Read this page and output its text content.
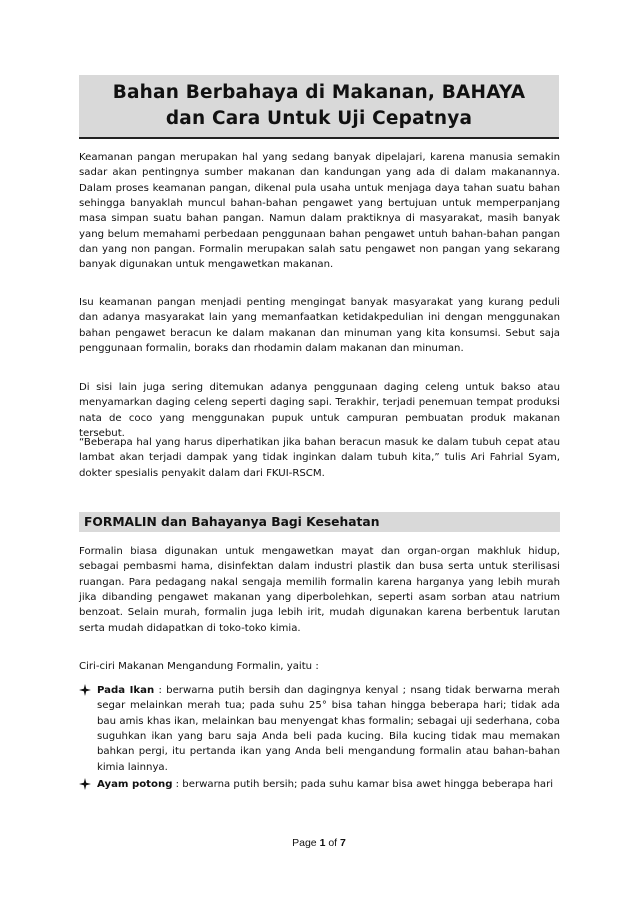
Bahan Berbahaya di Makanan, BAHAYA
dan Cara Untuk Uji Cepatnya

Keamanan pangan merupakan hal yang sedang banyak dipelajari, karena manusia semakin sadar akan pentingnya sumber makanan dan kandungan yang ada di dalam makanannya. Dalam proses keamanan pangan, dikenal pula usaha untuk menjaga daya tahan suatu bahan sehingga banyaklah muncul bahan-bahan pengawet yang bertujuan untuk memperpanjang masa simpan suatu bahan pangan. Namun dalam praktiknya di masyarakat, masih banyak yang belum memahami perbedaan penggunaan bahan pengawet untuh bahan-bahan pangan dan yang non pangan. Formalin merupakan salah satu pengawet non pangan yang sekarang banyak digunakan untuk mengawetkan makanan.

Isu keamanan pangan menjadi penting mengingat banyak masyarakat yang kurang peduli dan adanya masyarakat lain yang memanfaatkan ketidakpedulian ini dengan menggunakan bahan pengawet beracun ke dalam makanan dan minuman yang kita konsumsi. Sebut saja penggunaan formalin, boraks dan rhodamin dalam makanan dan minuman.

Di sisi lain juga sering ditemukan adanya penggunaan daging celeng untuk bakso atau menyamarkan daging celeng seperti daging sapi. Terakhir, terjadi penemuan tempat produksi nata de coco yang menggunakan pupuk untuk campuran pembuatan produk makanan tersebut.

“Beberapa hal yang harus diperhatikan jika bahan beracun masuk ke dalam tubuh cepat atau lambat akan terjadi dampak yang tidak inginkan dalam tubuh kita,” tulis Ari Fahrial Syam, dokter spesialis penyakit dalam dari FKUI-RSCM.

FORMALIN dan Bahayanya Bagi Kesehatan

Formalin biasa digunakan untuk mengawetkan mayat dan organ-organ makhluk hidup, sebagai pembasmi hama, disinfektan dalam industri plastik dan busa serta untuk sterilisasi ruangan. Para pedagang nakal sengaja memilih formalin karena harganya yang lebih murah jika dibanding pengawet makanan yang diperbolehkan, seperti asam sorban atau natrium benzoat. Selain murah, formalin juga lebih irit, mudah digunakan karena berbentuk larutan serta mudah didapatkan di toko-toko kimia.

Ciri-ciri Makanan Mengandung Formalin, yaitu :

Pada Ikan : berwarna putih bersih dan dagingnya kenyal ; nsang tidak berwarna merah segar melainkan merah tua; pada suhu 25° bisa tahan hingga beberapa hari; tidak ada bau amis khas ikan, melainkan bau menyengat khas formalin; sebagai uji sederhana, coba suguhkan ikan yang baru saja Anda beli pada kucing. Bila kucing tidak mau memakan bahkan pergi, itu pertanda ikan yang Anda beli mengandung formalin atau bahan-bahan kimia lainnya.
Ayam potong : berwarna putih bersih; pada suhu kamar bisa awet hingga beberapa hari
Page 1 of 7
